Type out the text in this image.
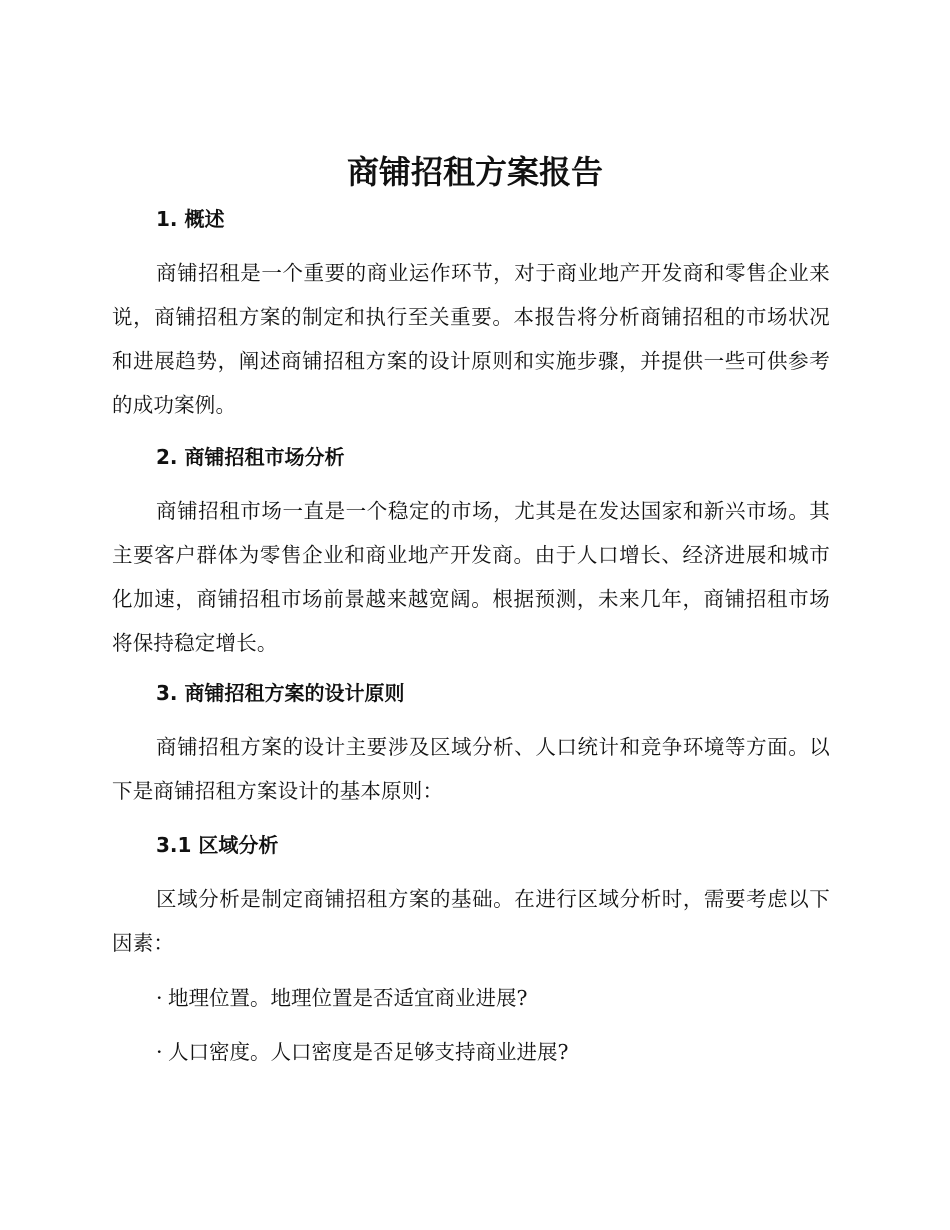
商铺招租方案报告
1. 概述

商铺招租是一个重要的商业运作环节，对于商业地产开发商和零售企业来说，商铺招租方案的制定和执行至关重要。本报告将分析商铺招租的市场状况和进展趋势，阐述商铺招租方案的设计原则和实施步骤，并提供一些可供参考的成功案例。

2. 商铺招租市场分析

商铺招租市场一直是一个稳定的市场，尤其是在发达国家和新兴市场。其主要客户群体为零售企业和商业地产开发商。由于人口增长、经济进展和城市化加速，商铺招租市场前景越来越宽阔。根据预测，未来几年，商铺招租市场将保持稳定增长。

3. 商铺招租方案的设计原则

商铺招租方案的设计主要涉及区域分析、人口统计和竞争环境等方面。以下是商铺招租方案设计的基本原则：

3.1 区域分析

区域分析是制定商铺招租方案的基础。在进行区域分析时，需要考虑以下因素：

· 地理位置。地理位置是否适宜商业进展?

· 人口密度。人口密度是否足够支持商业进展?
